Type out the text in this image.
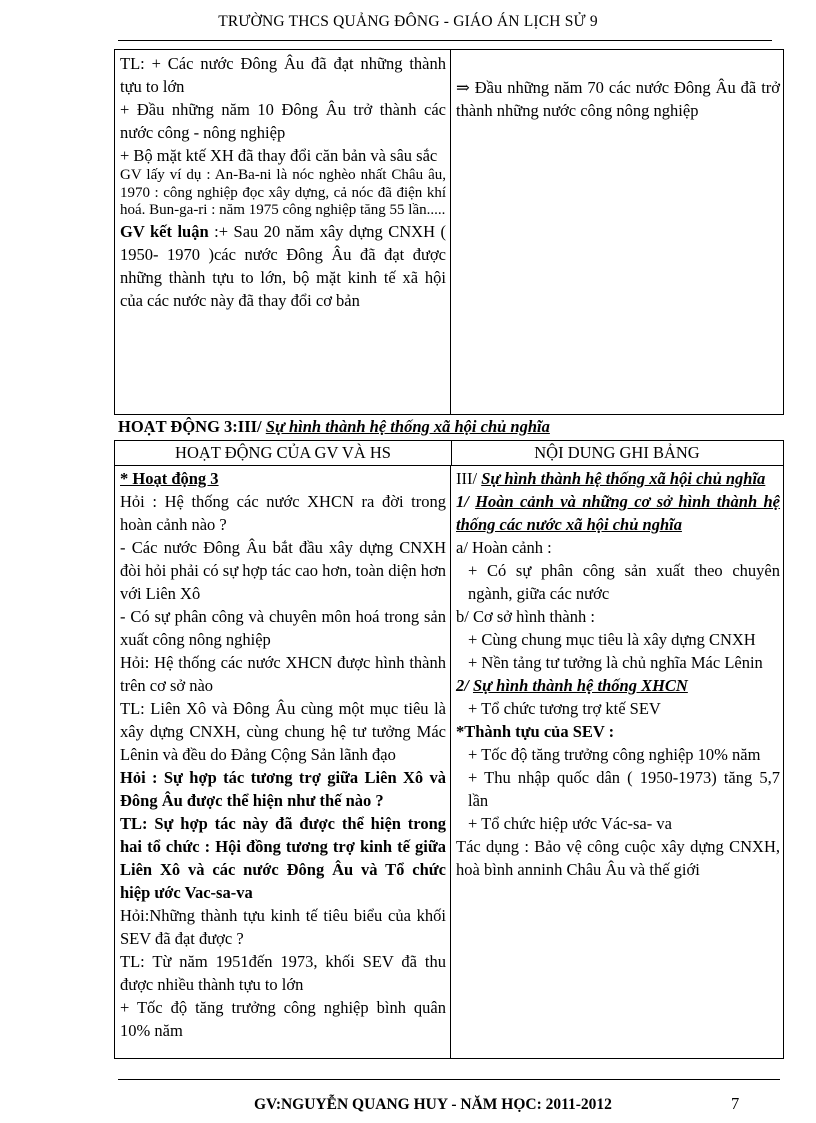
TRƯỜNG THCS QUẢNG ĐÔNG - GIÁO ÁN LỊCH SỬ 9

TL: + Các nước Đông Âu đã đạt những thành tựu to lớn

+ Đầu những năm 10 Đông Âu trở thành các nước công - nông nghiệp

+ Bộ mặt ktế XH đã thay đổi căn bản và sâu sắc

GV lấy ví dụ : An-Ba-ni là nóc nghèo nhất Châu âu, 1970 : công nghiệp đọc xây dựng, cả nóc đã điện khí hoá. Bun-ga-ri : năm 1975 công nghiệp tăng 55 lần.....

GV kết luận :+ Sau 20 năm xây dựng CNXH ( 1950- 1970 )các nước Đông Âu đã đạt được những thành tựu to lớn, bộ mặt kinh tế xã hội của các nước này đã thay đổi cơ bản

⇒ Đầu những năm 70 các nước Đông Âu đã trở thành những nước công nông nghiệp

HOẠT ĐỘNG 3:III/ Sự hình thành hệ thống xã hội chủ nghĩa
HOẠT ĐỘNG CỦA GV VÀ HS	NỘI DUNG GHI BẢNG

* Hoạt động 3

Hỏi : Hệ thống các nước XHCN ra đời trong hoàn cảnh nào ?

- Các nước Đông Âu bắt đầu xây dựng CNXH đòi hỏi phải có sự hợp tác cao hơn, toàn diện hơn với Liên Xô

- Có sự phân công và chuyên môn hoá trong sản xuất công nông nghiệp

Hỏi: Hệ thống các nước XHCN được hình thành trên cơ sở nào

TL: Liên Xô và Đông Âu cùng một mục tiêu là xây dựng CNXH, cùng chung hệ tư tưởng Mác Lênin và đều do Đảng Cộng Sản lãnh đạo

Hỏi : Sự hợp tác tương trợ giữa Liên Xô và Đông Âu được thể hiện như thế nào ?

TL: Sự hợp tác này đã được thể hiện trong hai tổ chức : Hội đồng tương trợ kinh tế giữa Liên Xô và các nước Đông Âu và Tổ chức hiệp ước Vac-sa-va

Hỏi:Những thành tựu kinh tế tiêu biểu của khối SEV đã đạt được ?

TL: Từ năm 1951đến 1973, khối SEV đã thu được nhiều thành tựu to lớn

+ Tốc độ tăng trưởng công nghiệp bình quân 10% năm

III/ Sự hình thành hệ thống xã hội chủ nghĩa

1/ Hoàn cảnh và những cơ sở hình thành hệ thống các nước xã hội chủ nghĩa

a/ Hoàn cảnh :

+ Có sự phân công sản xuất theo chuyên ngành, giữa các nước

b/ Cơ sở hình thành :

+ Cùng chung mục tiêu là xây dựng CNXH

+ Nền tảng tư tưởng là chủ nghĩa Mác Lênin

2/ Sự hình thành hệ thống XHCN

+ Tổ chức tương trợ ktế SEV

*Thành tựu của SEV :

+ Tốc độ tăng trưởng công nghiệp 10% năm

+ Thu nhập quốc dân ( 1950-1973) tăng 5,7 lần

+ Tổ chức hiệp ước Vác-sa- va

Tác dụng : Bảo vệ công cuộc xây dựng CNXH, hoà bình anninh Châu Âu và thế giới

GV:NGUYỄN QUANG HUY - NĂM HỌC: 2011-2012	7
